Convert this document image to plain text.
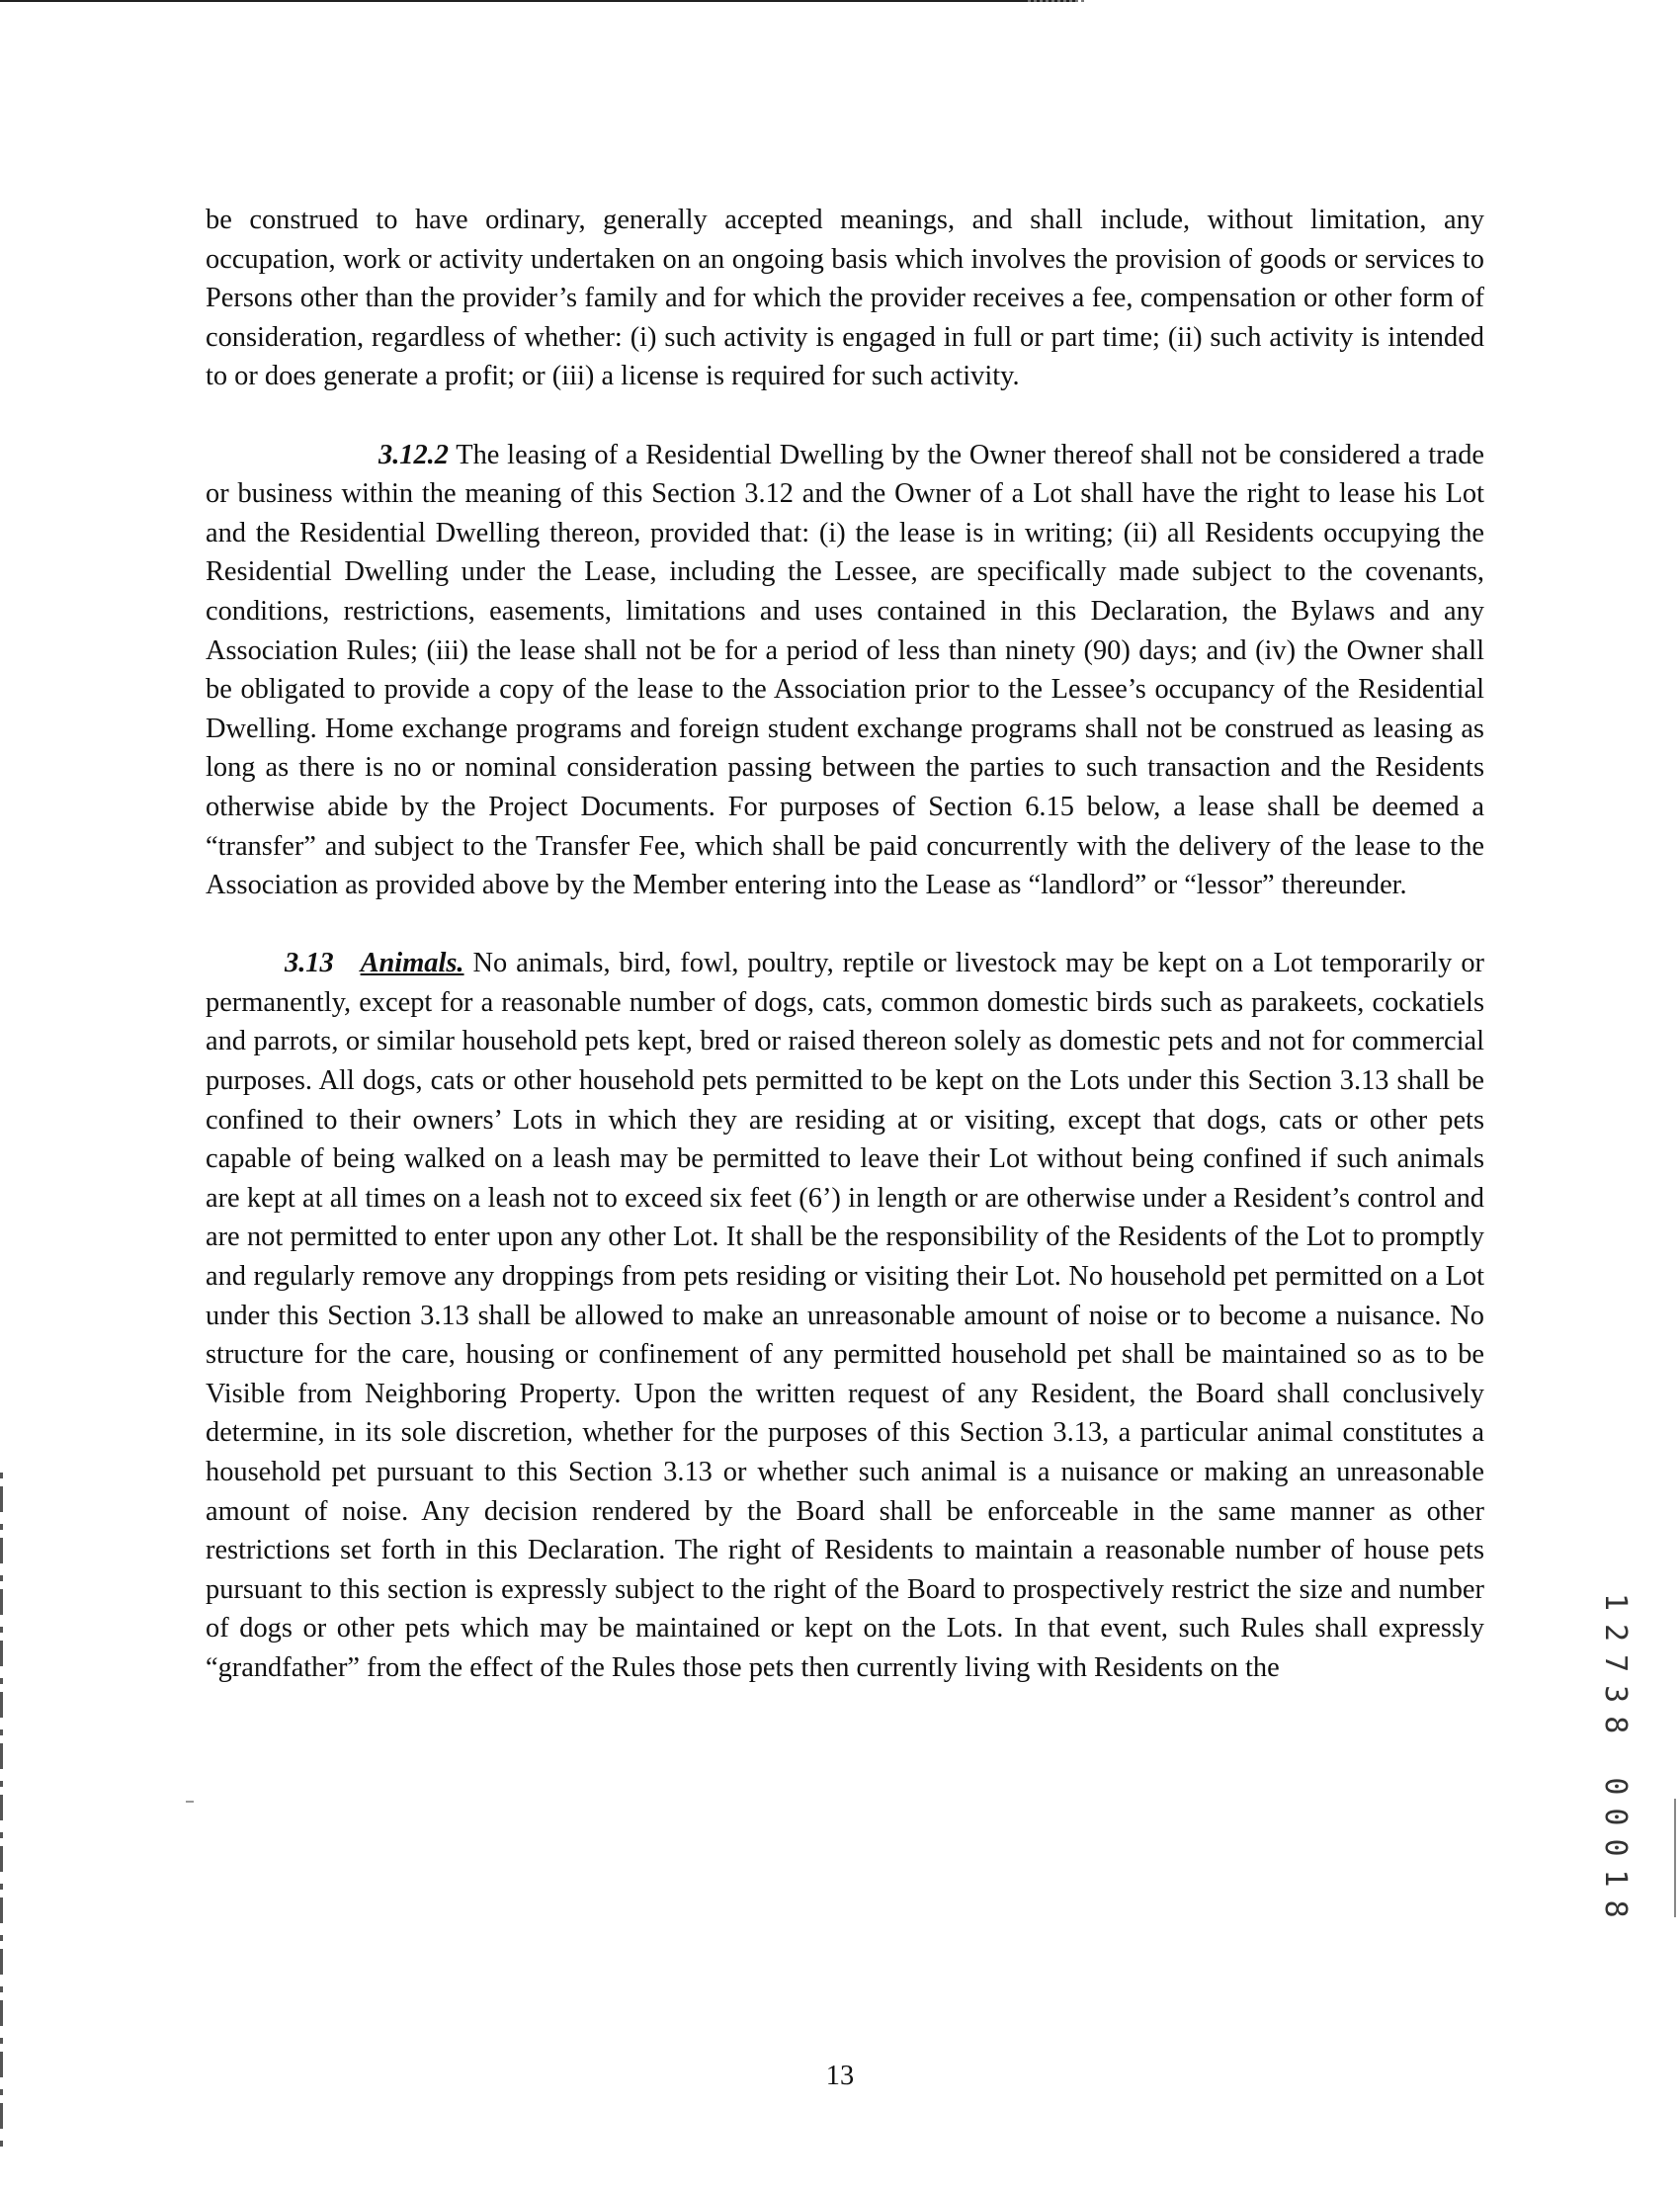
be construed to have ordinary, generally accepted meanings, and shall include, without limitation, any occupation, work or activity undertaken on an ongoing basis which involves the provision of goods or services to Persons other than the provider’s family and for which the provider receives a fee, compensation or other form of consideration, regardless of whether: (i) such activity is engaged in full or part time; (ii) such activity is intended to or does generate a profit; or (iii) a license is required for such activity.

3.12.2 The leasing of a Residential Dwelling by the Owner thereof shall not be considered a trade or business within the meaning of this Section 3.12 and the Owner of a Lot shall have the right to lease his Lot and the Residential Dwelling thereon, provided that: (i) the lease is in writing; (ii) all Residents occupying the Residential Dwelling under the Lease, including the Lessee, are specifically made subject to the covenants, conditions, restrictions, easements, limitations and uses contained in this Declaration, the Bylaws and any Association Rules; (iii) the lease shall not be for a period of less than ninety (90) days; and (iv) the Owner shall be obligated to provide a copy of the lease to the Association prior to the Lessee’s occupancy of the Residential Dwelling. Home exchange programs and foreign student exchange programs shall not be construed as leasing as long as there is no or nominal consideration passing between the parties to such transaction and the Residents otherwise abide by the Project Documents. For purposes of Section 6.15 below, a lease shall be deemed a “transfer” and subject to the Transfer Fee, which shall be paid concurrently with the delivery of the lease to the Association as provided above by the Member entering into the Lease as “landlord” or “lessor” thereunder.

3.13 Animals. No animals, bird, fowl, poultry, reptile or livestock may be kept on a Lot temporarily or permanently, except for a reasonable number of dogs, cats, common domestic birds such as parakeets, cockatiels and parrots, or similar household pets kept, bred or raised thereon solely as domestic pets and not for commercial purposes. All dogs, cats or other household pets permitted to be kept on the Lots under this Section 3.13 shall be confined to their owners’ Lots in which they are residing at or visiting, except that dogs, cats or other pets capable of being walked on a leash may be permitted to leave their Lot without being confined if such animals are kept at all times on a leash not to exceed six feet (6’) in length or are otherwise under a Resident’s control and are not permitted to enter upon any other Lot. It shall be the responsibility of the Residents of the Lot to promptly and regularly remove any droppings from pets residing or visiting their Lot. No household pet permitted on a Lot under this Section 3.13 shall be allowed to make an unreasonable amount of noise or to become a nuisance. No structure for the care, housing or confinement of any permitted household pet shall be maintained so as to be Visible from Neighboring Property. Upon the written request of any Resident, the Board shall conclusively determine, in its sole discretion, whether for the purposes of this Section 3.13, a particular animal constitutes a household pet pursuant to this Section 3.13 or whether such animal is a nuisance or making an unreasonable amount of noise. Any decision rendered by the Board shall be enforceable in the same manner as other restrictions set forth in this Declaration. The right of Residents to maintain a reasonable number of house pets pursuant to this section is expressly subject to the right of the Board to prospectively restrict the size and number of dogs or other pets which may be maintained or kept on the Lots. In that event, such Rules shall expressly “grandfather” from the effect of the Rules those pets then currently living with Residents on the

13
12738 00018
